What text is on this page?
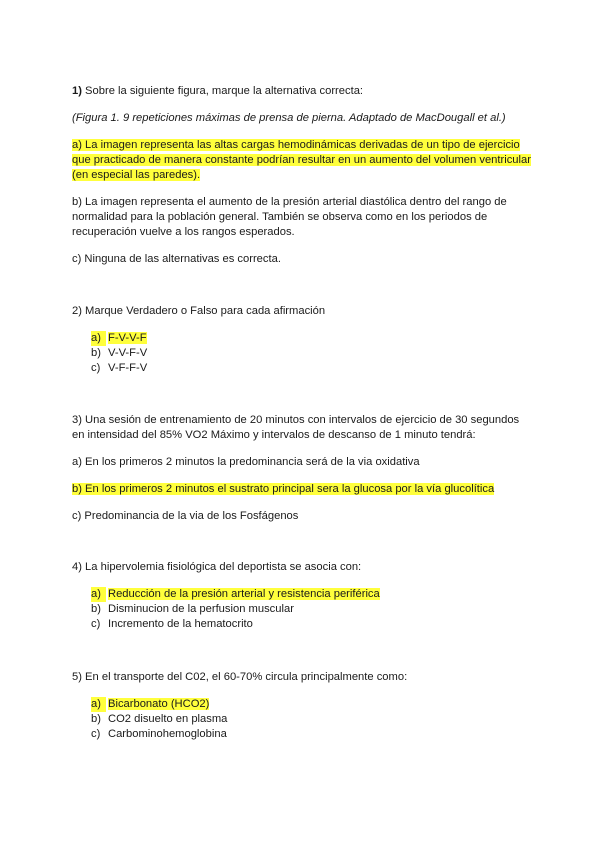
1) Sobre la siguiente figura, marque la alternativa correcta:
(Figura 1. 9 repeticiones máximas de prensa de pierna. Adaptado de MacDougall et al.)
a) La imagen representa las altas cargas hemodinámicas derivadas de un tipo de ejercicio
que practicado de manera constante podrían resultar en un aumento del volumen ventricular
(en especial las paredes).
b) La imagen representa el aumento de la presión arterial diastólica dentro del rango de
normalidad para la población general. También se observa como en los periodos de
recuperación vuelve a los rangos esperados.
c) Ninguna de las alternativas es correcta.
2) Marque Verdadero o Falso para cada afirmación
a) F-V-V-F
b) V-V-F-V
c) V-F-F-V
3) Una sesión de entrenamiento de 20 minutos con intervalos de ejercicio de 30 segundos
en intensidad del 85% VO2 Máximo y intervalos de descanso de 1 minuto tendrá:
a) En los primeros 2 minutos la predominancia será de la via oxidativa
b) En los primeros 2 minutos el sustrato principal sera la glucosa por la vía glucolítica
c) Predominancia de la via de los Fosfágenos
4) La hipervolemia fisiológica del deportista se asocia con:
a) Reducción de la presión arterial y resistencia periférica
b) Disminucion de la perfusion muscular
c) Incremento de la hematocrito
5) En el transporte del C02, el 60-70% circula principalmente como:
a) Bicarbonato (HCO2)
b) CO2 disuelto en plasma
c) Carbominohemoglobina
